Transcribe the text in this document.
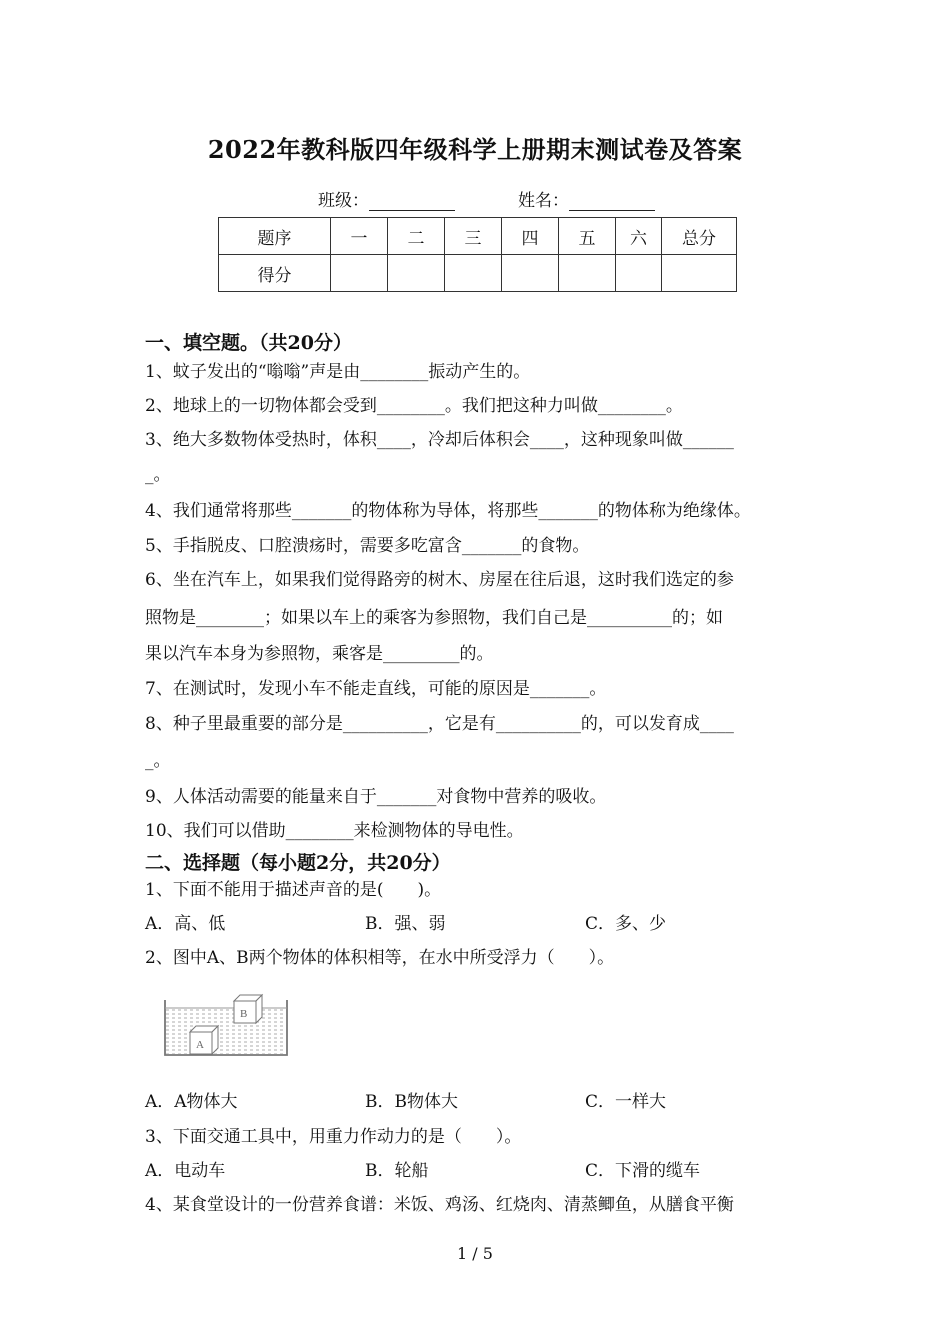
2022年教科版四年级科学上册期末测试卷及答案
班级：	姓名：
题序	一	二	三	四	五	六	总分
得分							
一、填空题。（共20分）
1、蚊子发出的“嗡嗡”声是由________振动产生的。
2、地球上的一切物体都会受到________。我们把这种力叫做________。
3、绝大多数物体受热时，体积____，冷却后体积会____，这种现象叫做______
_。
4、我们通常将那些_______的物体称为导体，将那些_______的物体称为绝缘体。
5、手指脱皮、口腔溃疡时，需要多吃富含_______的食物。
6、坐在汽车上，如果我们觉得路旁的树木、房屋在往后退，这时我们选定的参
照物是________；如果以车上的乘客为参照物，我们自己是__________的；如
果以汽车本身为参照物，乘客是_________的。
7、在测试时，发现小车不能走直线，可能的原因是_______。
8、种子里最重要的部分是__________，它是有__________的，可以发育成____
_。
9、人体活动需要的能量来自于_______对食物中营养的吸收。
10、我们可以借助________来检测物体的导电性。
二、选择题（每小题2分，共20分）
1、下面不能用于描述声音的是(　　)。
A．高、低	B．强、弱	C．多、少
2、图中A、B两个物体的体积相等，在水中所受浮力（　　）。
B
A
A．A物体大	B．B物体大	C．一样大
3、下面交通工具中，用重力作动力的是（　　）。
A．电动车	B．轮船	C．下滑的缆车
4、某食堂设计的一份营养食谱：米饭、鸡汤、红烧肉、清蒸鲫鱼，从膳食平衡
1 / 5
